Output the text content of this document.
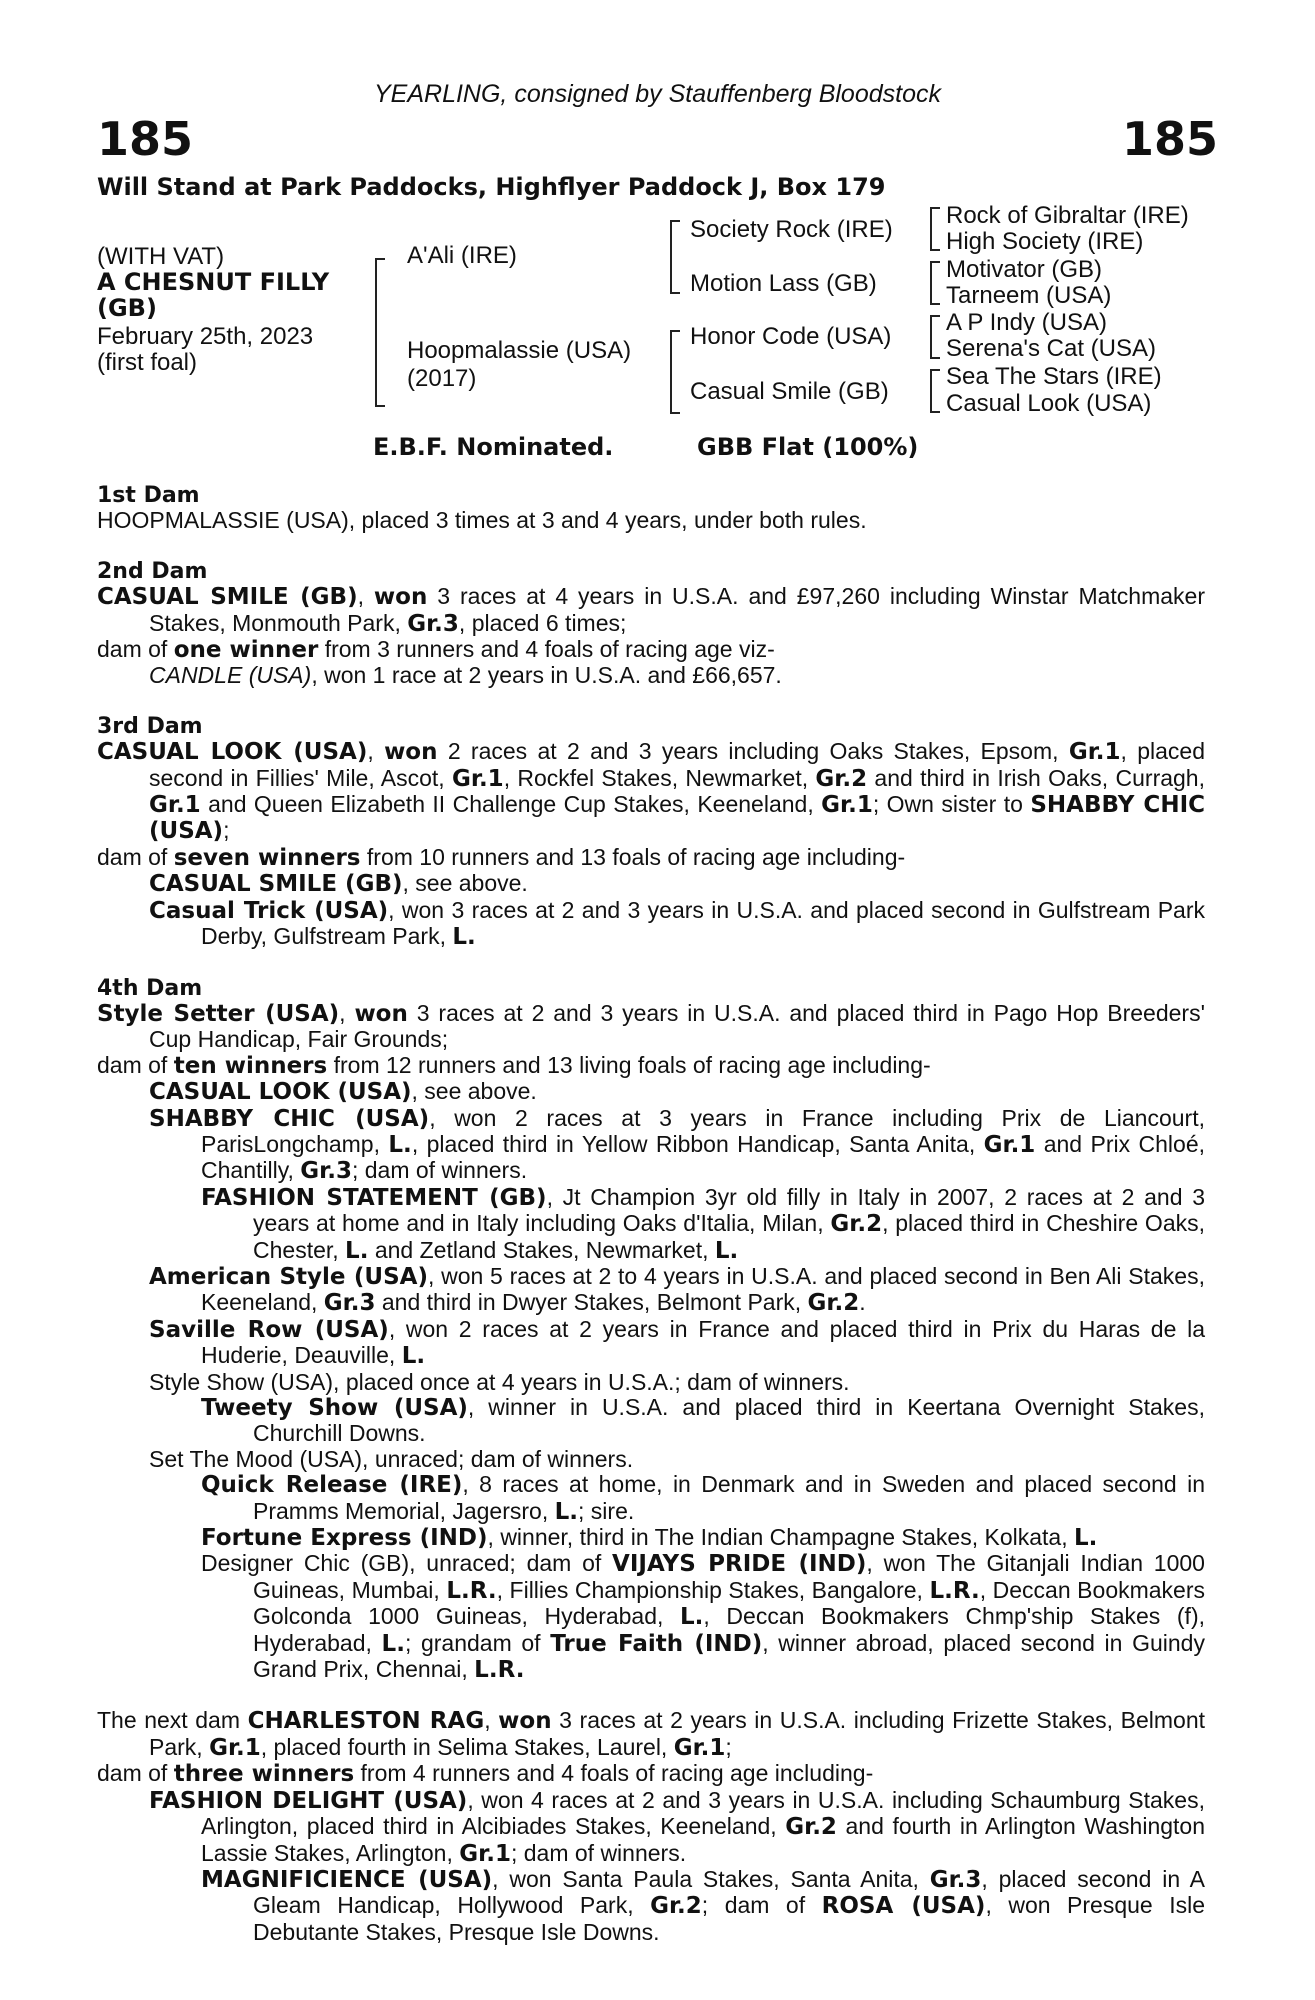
YEARLING, consigned by Stauffenberg Bloodstock
185	185
Will Stand at Park Paddocks, Highflyer Paddock J, Box 179
(WITH VAT)
A CHESNUT FILLY
(GB)
February 25th, 2023
(first foal)
A'Ali (IRE)
Hoopmalassie (USA)
(2017)
Society Rock (IRE)
Motion Lass (GB)
Honor Code (USA)
Casual Smile (GB)
Rock of Gibraltar (IRE)
High Society (IRE)
Motivator (GB)
Tarneem (USA)
A P Indy (USA)
Serena's Cat (USA)
Sea The Stars (IRE)
Casual Look (USA)
E.B.F. Nominated.	GBB Flat (100%)
1st Dam
HOOPMALASSIE (USA), placed 3 times at 3 and 4 years, under both rules.
2nd Dam
CASUAL SMILE (GB), won 3 races at 4 years in U.S.A. and £97,260 including Winstar Matchmaker Stakes, Monmouth Park, Gr.3, placed 6 times;
dam of one winner from 3 runners and 4 foals of racing age viz-
CANDLE (USA), won 1 race at 2 years in U.S.A. and £66,657.
3rd Dam
CASUAL LOOK (USA), won 2 races at 2 and 3 years including Oaks Stakes, Epsom, Gr.1, placed second in Fillies' Mile, Ascot, Gr.1, Rockfel Stakes, Newmarket, Gr.2 and third in Irish Oaks, Curragh, Gr.1 and Queen Elizabeth II Challenge Cup Stakes, Keeneland, Gr.1; Own sister to SHABBY CHIC (USA);
dam of seven winners from 10 runners and 13 foals of racing age including-
CASUAL SMILE (GB), see above.
Casual Trick (USA), won 3 races at 2 and 3 years in U.S.A. and placed second in Gulfstream Park Derby, Gulfstream Park, L.
4th Dam
Style Setter (USA), won 3 races at 2 and 3 years in U.S.A. and placed third in Pago Hop Breeders' Cup Handicap, Fair Grounds;
dam of ten winners from 12 runners and 13 living foals of racing age including-
CASUAL LOOK (USA), see above.
SHABBY CHIC (USA), won 2 races at 3 years in France including Prix de Liancourt, ParisLongchamp, L., placed third in Yellow Ribbon Handicap, Santa Anita, Gr.1 and Prix Chloé, Chantilly, Gr.3; dam of winners.
FASHION STATEMENT (GB), Jt Champion 3yr old filly in Italy in 2007, 2 races at 2 and 3 years at home and in Italy including Oaks d'Italia, Milan, Gr.2, placed third in Cheshire Oaks, Chester, L. and Zetland Stakes, Newmarket, L.
American Style (USA), won 5 races at 2 to 4 years in U.S.A. and placed second in Ben Ali Stakes, Keeneland, Gr.3 and third in Dwyer Stakes, Belmont Park, Gr.2.
Saville Row (USA), won 2 races at 2 years in France and placed third in Prix du Haras de la Huderie, Deauville, L.
Style Show (USA), placed once at 4 years in U.S.A.; dam of winners.
Tweety Show (USA), winner in U.S.A. and placed third in Keertana Overnight Stakes, Churchill Downs.
Set The Mood (USA), unraced; dam of winners.
Quick Release (IRE), 8 races at home, in Denmark and in Sweden and placed second in Pramms Memorial, Jagersro, L.; sire.
Fortune Express (IND), winner, third in The Indian Champagne Stakes, Kolkata, L.
Designer Chic (GB), unraced; dam of VIJAYS PRIDE (IND), won The Gitanjali Indian 1000 Guineas, Mumbai, L.R., Fillies Championship Stakes, Bangalore, L.R., Deccan Bookmakers Golconda 1000 Guineas, Hyderabad, L., Deccan Bookmakers Chmp'ship Stakes (f), Hyderabad, L.; grandam of True Faith (IND), winner abroad, placed second in Guindy Grand Prix, Chennai, L.R.
The next dam CHARLESTON RAG, won 3 races at 2 years in U.S.A. including Frizette Stakes, Belmont Park, Gr.1, placed fourth in Selima Stakes, Laurel, Gr.1;
dam of three winners from 4 runners and 4 foals of racing age including-
FASHION DELIGHT (USA), won 4 races at 2 and 3 years in U.S.A. including Schaumburg Stakes, Arlington, placed third in Alcibiades Stakes, Keeneland, Gr.2 and fourth in Arlington Washington Lassie Stakes, Arlington, Gr.1; dam of winners.
MAGNIFICIENCE (USA), won Santa Paula Stakes, Santa Anita, Gr.3, placed second in A Gleam Handicap, Hollywood Park, Gr.2; dam of ROSA (USA), won Presque Isle Debutante Stakes, Presque Isle Downs.
